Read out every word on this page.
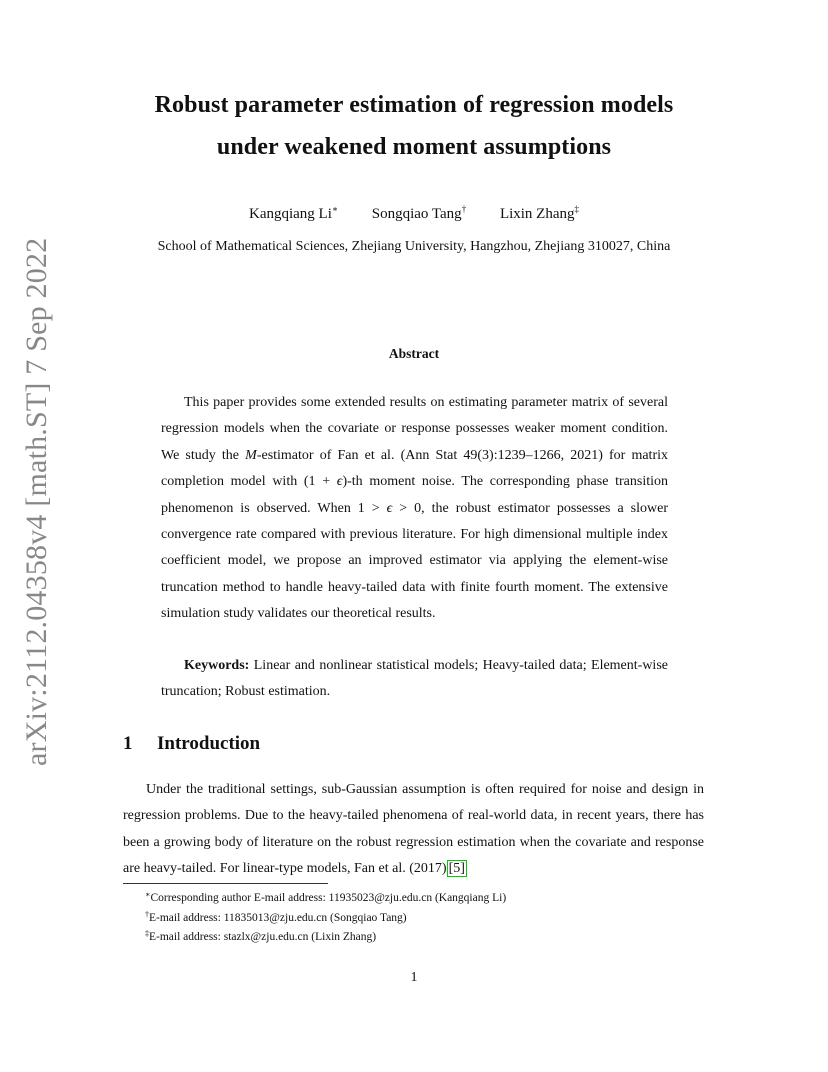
arXiv:2112.04358v4 [math.ST] 7 Sep 2022

Robust parameter estimation of regression models

under weakened moment assumptions

Kangqiang Li∗ Songqiao Tang† Lixin Zhang‡
School of Mathematical Sciences, Zhejiang University, Hangzhou, Zhejiang 310027, China
Abstract

This paper provides some extended results on estimating parameter matrix of several regression models when the covariate or response possesses weaker moment condition. We study the M-estimator of Fan et al. (Ann Stat 49(3):1239–1266, 2021) for matrix completion model with (1 + ϵ)-th moment noise. The corresponding phase transition phenomenon is observed. When 1 > ϵ > 0, the robust estimator possesses a slower convergence rate compared with previous literature. For high dimensional multiple index coefficient model, we propose an improved estimator via applying the element-wise truncation method to handle heavy-tailed data with finite fourth moment. The extensive simulation study validates our theoretical results.

Keywords: Linear and nonlinear statistical models; Heavy-tailed data; Element-wise truncation; Robust estimation.
1 Introduction

Under the traditional settings, sub-Gaussian assumption is often required for noise and design in regression problems. Due to the heavy-tailed phenomena of real-world data, in recent years, there has been a growing body of literature on the robust regression estimation when the covariate and response are heavy-tailed. For linear-type models, Fan et al. (2017) [5]

∗Corresponding author E-mail address: 11935023@zju.edu.cn (Kangqiang Li)

†E-mail address: 11835013@zju.edu.cn (Songqiao Tang)

‡E-mail address: stazlx@zju.edu.cn (Lixin Zhang)

1
